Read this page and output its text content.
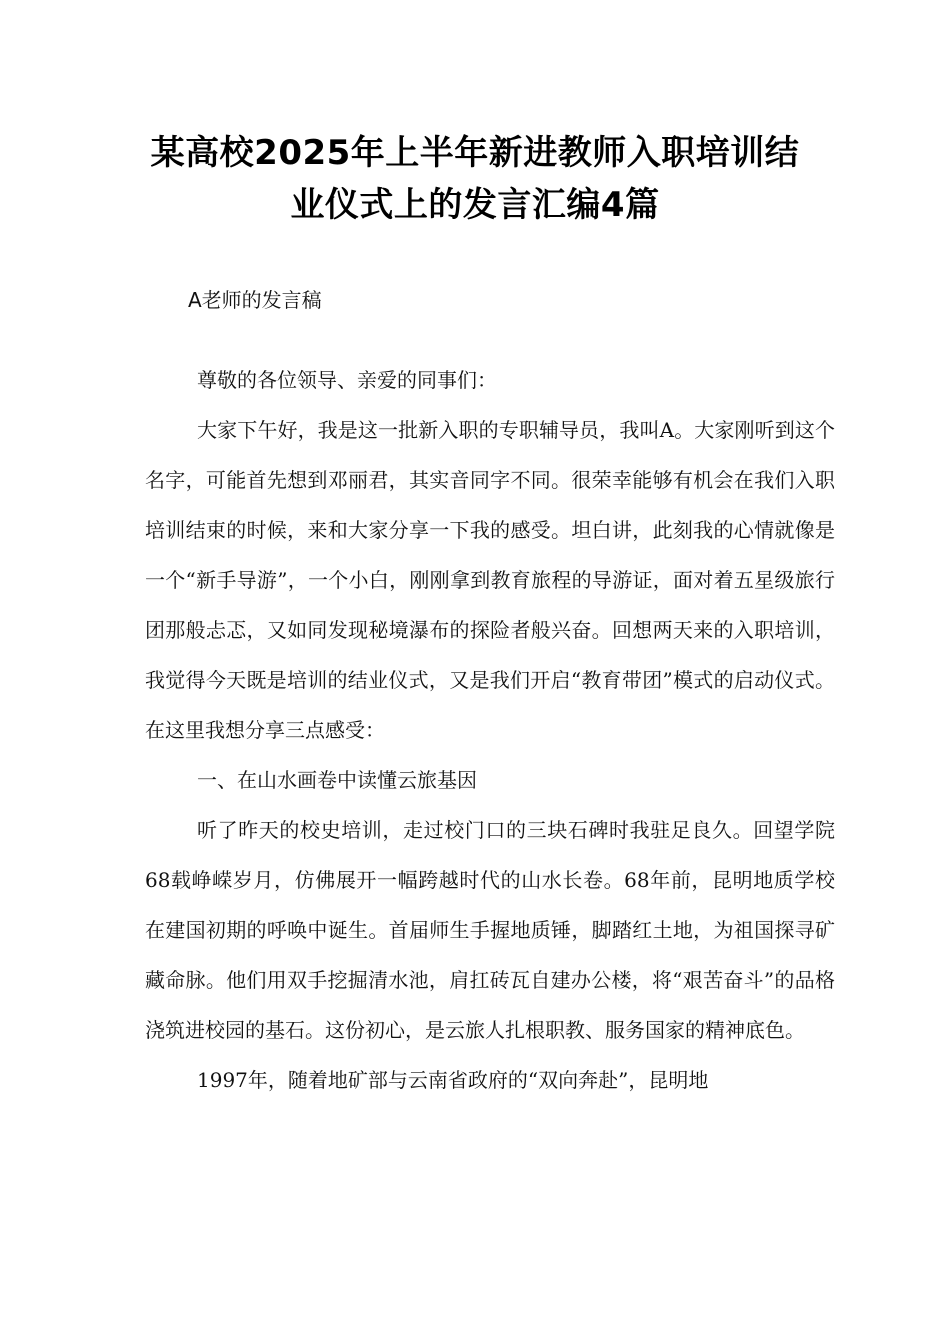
某高校2025年上半年新进教师入职培训结
业仪式上的发言汇编4篇
A老师的发言稿

尊敬的各位领导、亲爱的同事们：

大家下午好，我是这一批新入职的专职辅导员，我叫A。大家刚听到这个名字，可能首先想到邓丽君，其实音同字不同。很荣幸能够有机会在我们入职培训结束的时候，来和大家分享一下我的感受。坦白讲，此刻我的心情就像是一个“新手导游”，一个小白，刚刚拿到教育旅程的导游证，面对着五星级旅行团那般忐忑，又如同发现秘境瀑布的探险者般兴奋。回想两天来的入职培训，我觉得今天既是培训的结业仪式，又是我们开启“教育带团”模式的启动仪式。在这里我想分享三点感受：

一、在山水画卷中读懂云旅基因

听了昨天的校史培训，走过校门口的三块石碑时我驻足良久。回望学院68载峥嵘岁月，仿佛展开一幅跨越时代的山水长卷。68年前，昆明地质学校在建国初期的呼唤中诞生。首届师生手握地质锤，脚踏红土地，为祖国探寻矿藏命脉。他们用双手挖掘清水池，肩扛砖瓦自建办公楼，将“艰苦奋斗”的品格浇筑进校园的基石。这份初心，是云旅人扎根职教、服务国家的精神底色。

1997年，随着地矿部与云南省政府的“双向奔赴”，昆明地
